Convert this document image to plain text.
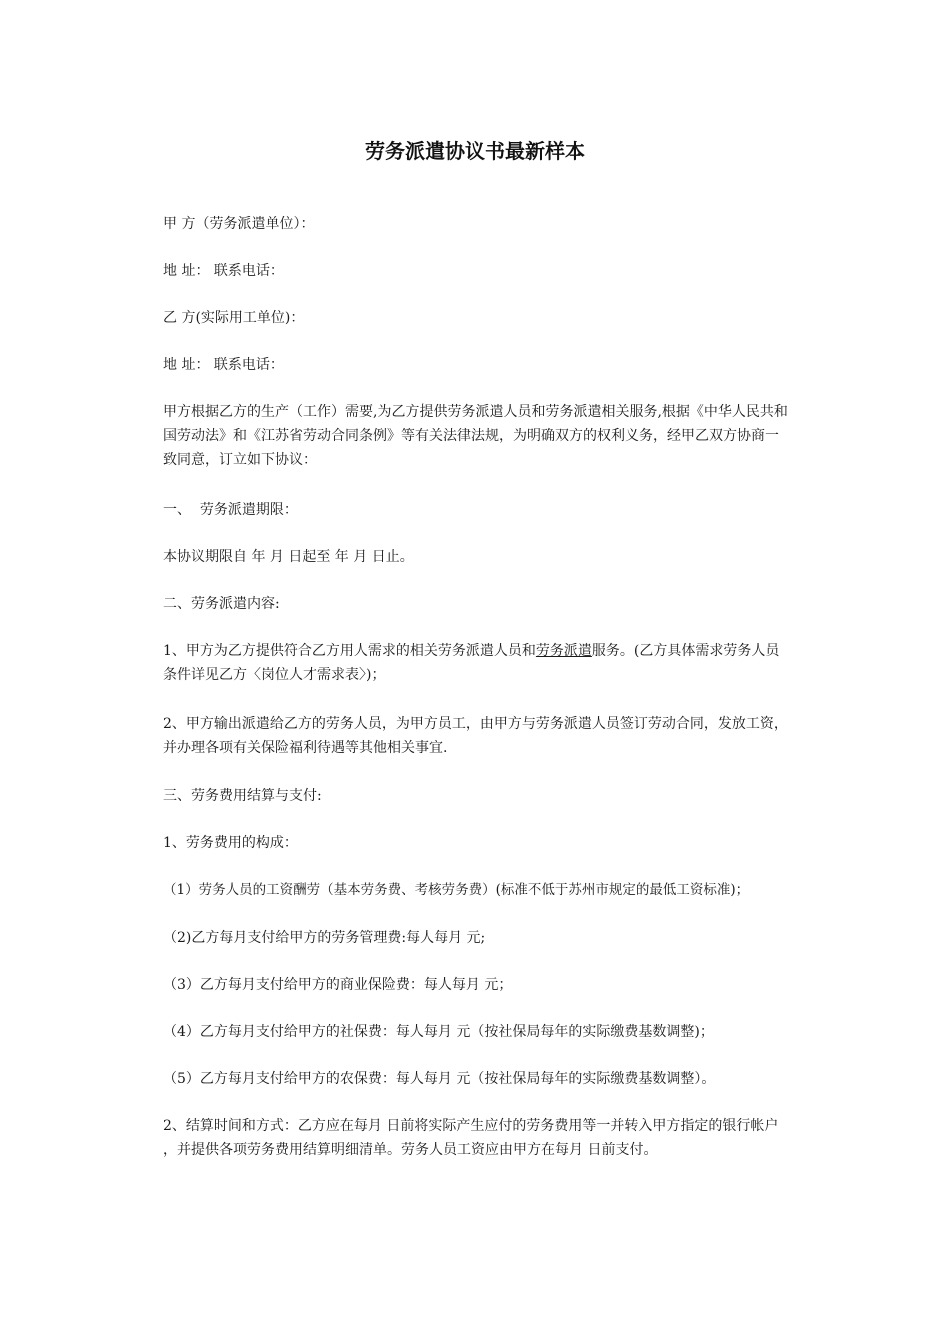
劳务派遣协议书最新样本

甲 方（劳务派遣单位）：

地 址： 联系电话：

乙 方(实际用工单位)：

地 址： 联系电话：

甲方根据乙方的生产（工作）需要,为乙方提供劳务派遣人员和劳务派遣相关服务,根据《中华人民共和国劳动法》和《江苏省劳动合同条例》等有关法律法规，为明确双方的权利义务，经甲乙双方协商一致同意，订立如下协议：

一、  劳务派遣期限：

本协议期限自 年 月 日起至 年 月 日止。

二、劳务派遣内容:

1、甲方为乙方提供符合乙方用人需求的相关劳务派遣人员和劳务派遣服务。(乙方具体需求劳务人员条件详见乙方〈岗位人才需求表〉)；

2、甲方输出派遣给乙方的劳务人员，为甲方员工，由甲方与劳务派遣人员签订劳动合同，发放工资，并办理各项有关保险福利待遇等其他相关事宜.

三、劳务费用结算与支付:

1、劳务费用的构成：

（1）劳务人员的工资酬劳（基本劳务费、考核劳务费）(标准不低于苏州市规定的最低工资标准)；

（2)乙方每月支付给甲方的劳务管理费:每人每月 元;

（3）乙方每月支付给甲方的商业保险费：每人每月 元；

（4）乙方每月支付给甲方的社保费：每人每月 元（按社保局每年的实际缴费基数调整)；

（5）乙方每月支付给甲方的农保费：每人每月 元（按社保局每年的实际缴费基数调整）。

2、结算时间和方式：乙方应在每月 日前将实际产生应付的劳务费用等一并转入甲方指定的银行帐户 ，并提供各项劳务费用结算明细清单。劳务人员工资应由甲方在每月 日前支付。
